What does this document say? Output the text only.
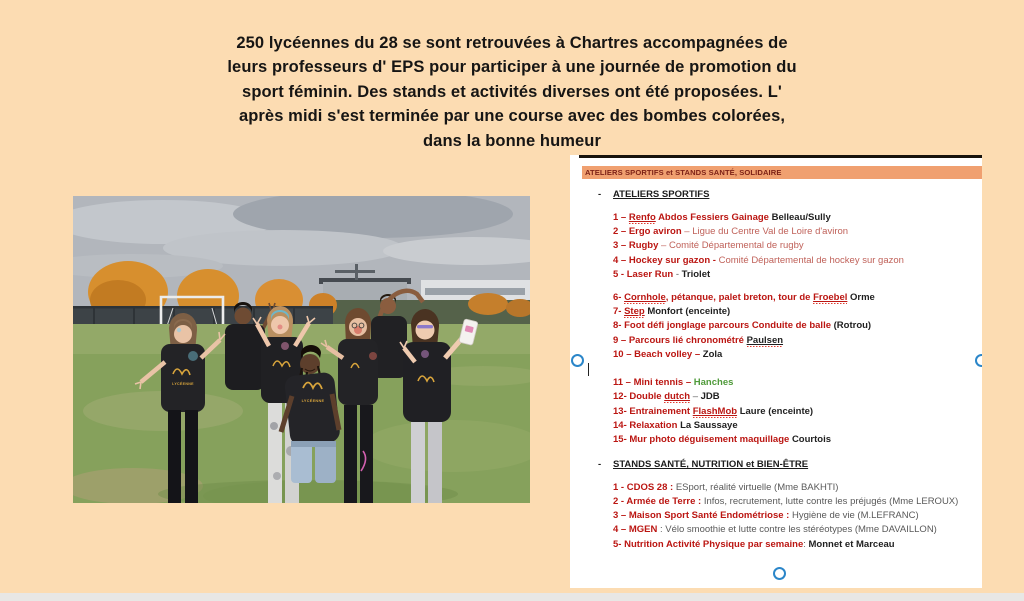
250 lycéennes du 28 se sont retrouvées à Chartres accompagnées de
leurs professeurs d' EPS pour participer à une journée de promotion du
sport féminin. Des stands et activités diverses ont été proposées. L'
après midi s'est terminée par une course avec des bombes colorées,
dans la bonne humeur
LYCÉENNE
LYCÉENNE
ATELIERS SPORTIFS et STANDS SANTÉ, SOLIDAIRE
- ATELIERS SPORTIFS
1 – Renfo Abdos Fessiers Gainage Belleau/Sully
2 – Ergo aviron – Ligue du Centre Val de Loire d'aviron
3 – Rugby – Comité Départemental de rugby
4 – Hockey sur gazon - Comité Départemental de hockey sur gazon
5 - Laser Run - Triolet
6- Cornhole, pétanque, palet breton, tour de Froebel Orme
7- Step Monfort (enceinte)
8- Foot défi jonglage parcours Conduite de balle (Rotrou)
9 – Parcours lié chronométré Paulsen
10 – Beach volley – Zola
11 – Mini tennis – Hanches
12- Double dutch – JDB
13- Entrainement FlashMob Laure (enceinte)
14- Relaxation La Saussaye
15- Mur photo déguisement maquillage Courtois
- STANDS SANTÉ, NUTRITION et BIEN-ÊTRE
1 - CDOS 28 : ESport, réalité virtuelle (Mme BAKHTI)
2 - Armée de Terre : Infos, recrutement, lutte contre les préjugés (Mme LEROUX)
3 – Maison Sport Santé Endométriose : Hygiène de vie (M.LEFRANC)
4 – MGEN : Vélo smoothie et lutte contre les stéréotypes (Mme DAVAILLON)
5- Nutrition Activité Physique par semaine: Monnet et Marceau
